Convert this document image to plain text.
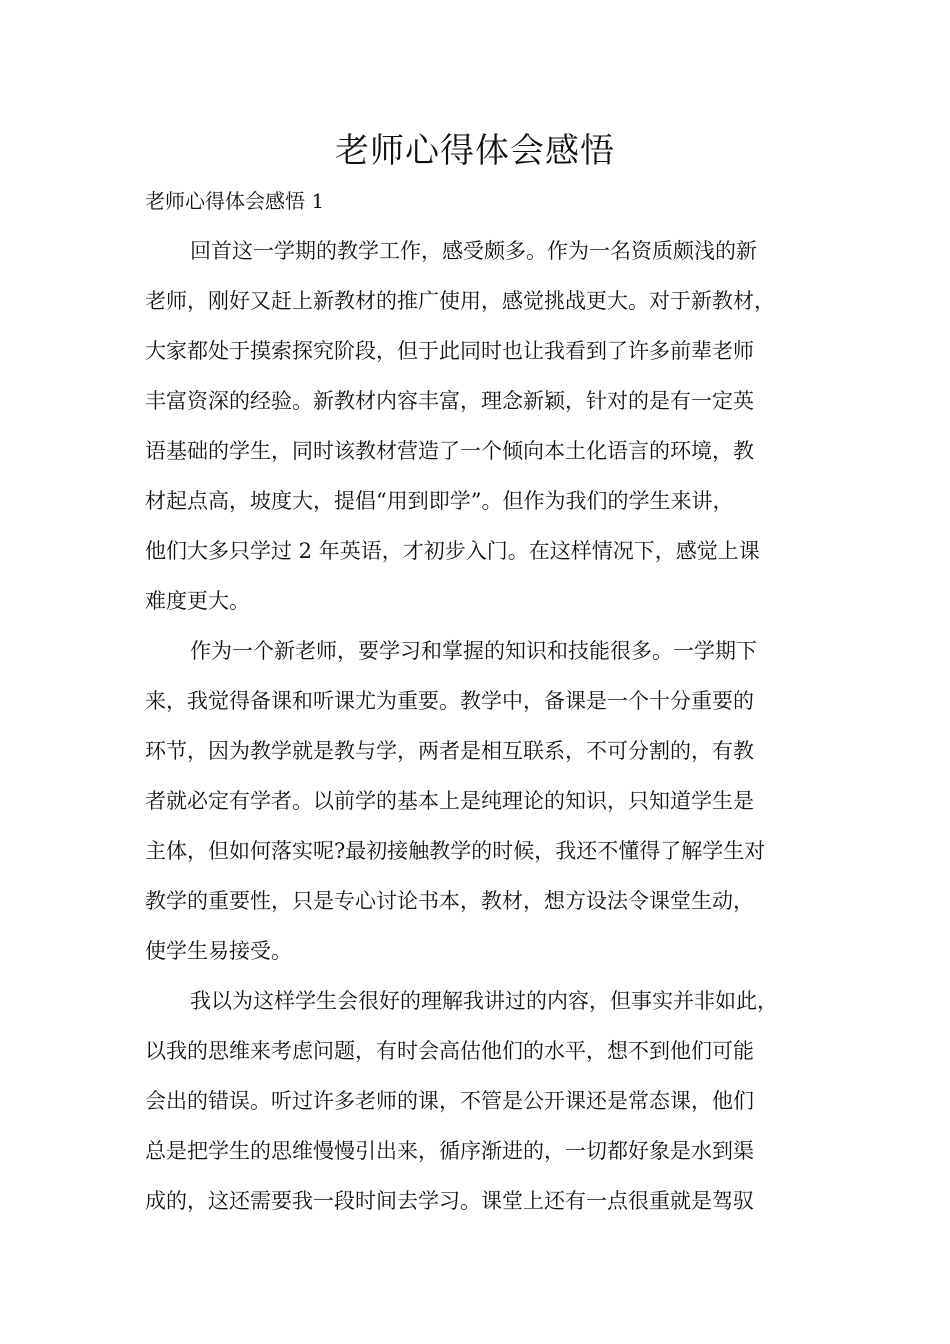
老师心得体会感悟
老师心得体会感悟 1
回首这一学期的教学工作，感受颇多。作为一名资质颇浅的新
老师，刚好又赶上新教材的推广使用，感觉挑战更大。对于新教材，
大家都处于摸索探究阶段，但于此同时也让我看到了许多前辈老师
丰富资深的经验。新教材内容丰富，理念新颖，针对的是有一定英
语基础的学生，同时该教材营造了一个倾向本土化语言的环境，教
材起点高，坡度大，提倡“用到即学”。但作为我们的学生来讲，
他们大多只学过 2 年英语，才初步入门。在这样情况下，感觉上课
难度更大。
作为一个新老师，要学习和掌握的知识和技能很多。一学期下
来，我觉得备课和听课尤为重要。教学中，备课是一个十分重要的
环节，因为教学就是教与学，两者是相互联系，不可分割的，有教
者就必定有学者。以前学的基本上是纯理论的知识，只知道学生是
主体，但如何落实呢?最初接触教学的时候，我还不懂得了解学生对
教学的重要性，只是专心讨论书本，教材，想方设法令课堂生动，
使学生易接受。
我以为这样学生会很好的理解我讲过的内容，但事实并非如此，
以我的思维来考虑问题，有时会高估他们的水平，想不到他们可能
会出的错误。听过许多老师的课，不管是公开课还是常态课，他们
总是把学生的思维慢慢引出来，循序渐进的，一切都好象是水到渠
成的，这还需要我一段时间去学习。课堂上还有一点很重就是驾驭
